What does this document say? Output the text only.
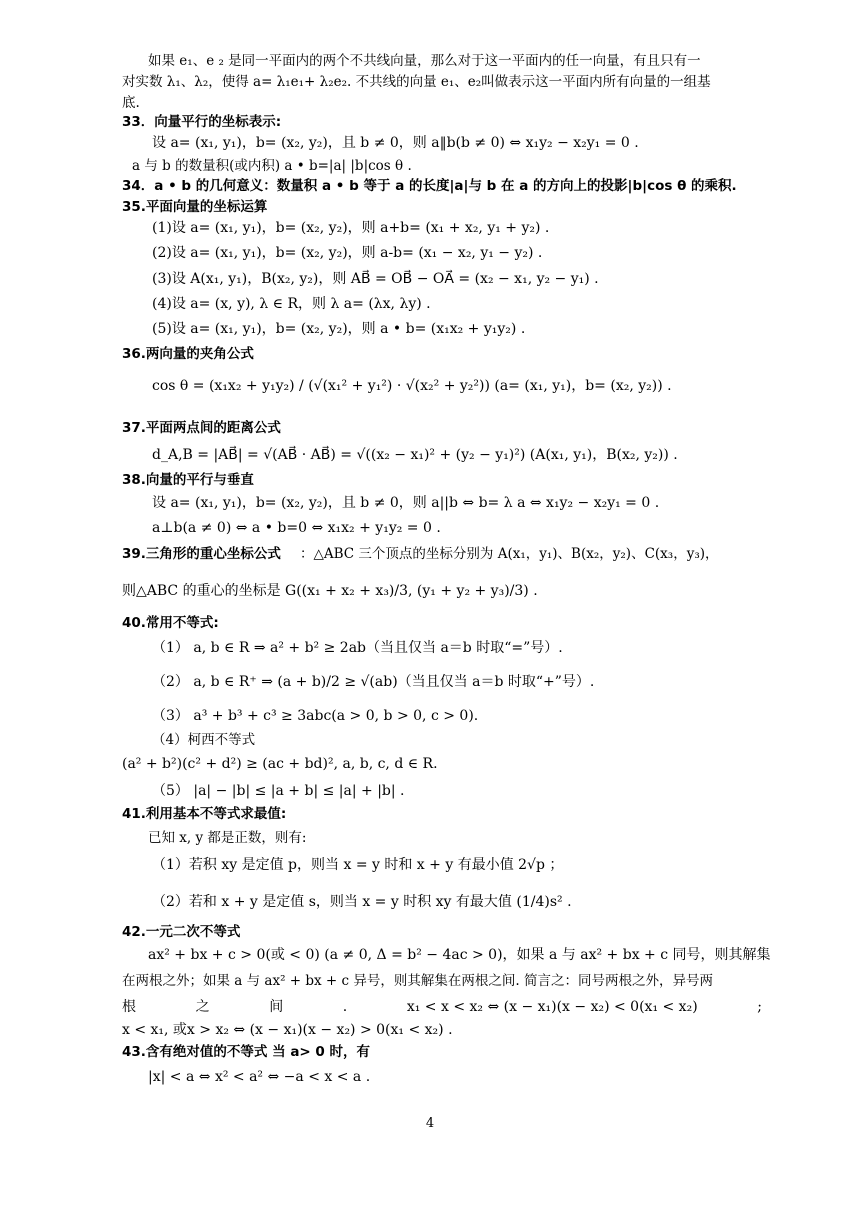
如果 e₁、e ₂ 是同一平面内的两个不共线向量，那么对于这一平面内的任一向量，有且只有一
对实数 λ₁、λ₂，使得 a= λ₁e₁+ λ₂e₂. 不共线的向量 e₁、e₂叫做表示这一平面内所有向量的一组基
底.
33．向量平行的坐标表示:
设 a= (x₁, y₁)，b= (x₂, y₂)，且 b ≠ 0，则 a‖b(b ≠ 0) ⇔ x₁y₂ − x₂y₁ = 0 .
a 与 b 的数量积(或内积) a • b=|a| |b|cos θ .
34．a • b 的几何意义：数量积 a • b 等于 a 的长度|a|与 b 在 a 的方向上的投影|b|cos θ 的乘积.
35.平面向量的坐标运算
(1)设 a= (x₁, y₁)，b= (x₂, y₂)，则 a+b= (x₁ + x₂, y₁ + y₂) .
(2)设 a= (x₁, y₁)，b= (x₂, y₂)，则 a-b= (x₁ − x₂, y₁ − y₂) .
(3)设 A(x₁, y₁)，B(x₂, y₂)，则 AB⃗ = OB⃗ − OA⃗ = (x₂ − x₁, y₂ − y₁) .
(4)设 a= (x, y), λ ∈ R，则 λ a= (λx, λy) .
(5)设 a= (x₁, y₁)，b= (x₂, y₂)，则 a • b= (x₁x₂ + y₁y₂) .
36.两向量的夹角公式
cos θ = (x₁x₂ + y₁y₂) / (√(x₁² + y₁²) · √(x₂² + y₂²)) (a= (x₁, y₁)，b= (x₂, y₂)) .
37.平面两点间的距离公式
d_A,B = |AB⃗| = √(AB⃗ · AB⃗) = √((x₂ − x₁)² + (y₂ − y₁)²) (A(x₁, y₁)，B(x₂, y₂)) .
38.向量的平行与垂直
设 a= (x₁, y₁)，b= (x₂, y₂)，且 b ≠ 0，则 a||b ⇔ b= λ a ⇔ x₁y₂ − x₂y₁ = 0 .
a⊥b(a ≠ 0) ⇔ a • b=0 ⇔ x₁x₂ + y₁y₂ = 0 .
39.三角形的重心坐标公式 ：△ABC 三个顶点的坐标分别为 A(x₁，y₁)、B(x₂，y₂)、C(x₃，y₃)，
则△ABC 的重心的坐标是 G((x₁ + x₂ + x₃)/3, (y₁ + y₂ + y₃)/3) .
40.常用不等式:
（1） a, b ∈ R ⇒ a² + b² ≥ 2ab（当且仅当 a＝b 时取“=”号）.
（2） a, b ∈ R⁺ ⇒ (a + b)/2 ≥ √(ab)（当且仅当 a＝b 时取“+”号）.
（3） a³ + b³ + c³ ≥ 3abc(a > 0, b > 0, c > 0).
（4）柯西不等式
(a² + b²)(c² + d²) ≥ (ac + bd)², a, b, c, d ∈ R.
（5） |a| − |b| ≤ |a + b| ≤ |a| + |b| .
41.利用基本不等式求最值:
已知 x, y 都是正数，则有:
（1）若积 xy 是定值 p，则当 x = y 时和 x + y 有最小值 2√p ；
（2）若和 x + y 是定值 s，则当 x = y 时积 xy 有最大值 (1/4)s² .
42.一元二次不等式
ax² + bx + c > 0(或 < 0) (a ≠ 0, Δ = b² − 4ac > 0)，如果 a 与 ax² + bx + c 同号，则其解集
在两根之外；如果 a 与 ax² + bx + c 异号，则其解集在两根之间. 简言之：同号两根之外，异号两
根	之	间	.	x₁ < x < x₂ ⇔ (x − x₁)(x − x₂) < 0(x₁ < x₂)	;
x < x₁, 或x > x₂ ⇔ (x − x₁)(x − x₂) > 0(x₁ < x₂) .
43.含有绝对值的不等式 当 a> 0 时，有
|x| < a ⇔ x² < a² ⇔ −a < x < a .
4
